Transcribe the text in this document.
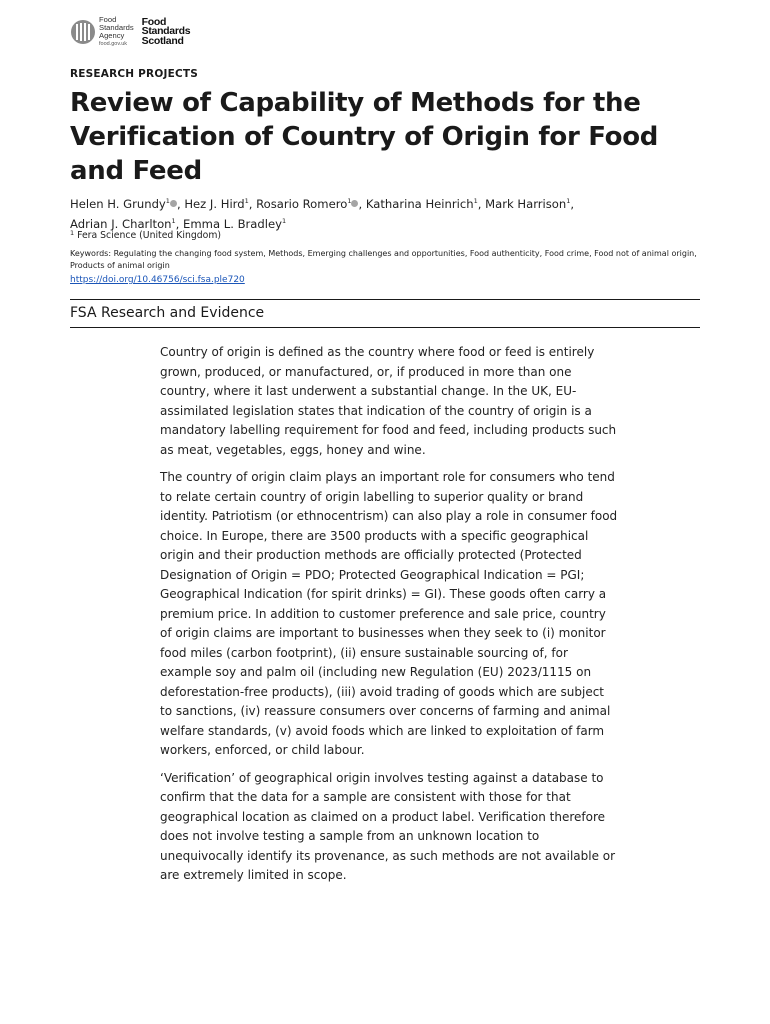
Food
Standards
Agency
food.gov.uk
Food
Standards
Scotland
RESEARCH PROJECTS
Review of Capability of Methods for the Verification of Country of Origin for Food and Feed
Helen H. Grundy$^1$ , Hez J. Hird$^1$, Rosario Romero$^1$ , Katharina Heinrich$^1$, Mark Harrison$^1$,
Adrian J. Charlton$^1$, Emma L. Bradley$^1$
$^1$ Fera Science (United Kingdom)
Keywords: Regulating the changing food system, Methods, Emerging challenges and opportunities, Food authenticity, Food crime, Food not of animal origin, Products of animal origin
https://doi.org/10.46756/sci.fsa.ple720
FSA Research and Evidence

Country of origin is defined as the country where food or feed is entirely grown, produced, or manufactured, or, if produced in more than one country, where it last underwent a substantial change. In the UK, EU-assimilated legislation states that indication of the country of origin is a mandatory labelling requirement for food and feed, including products such as meat, vegetables, eggs, honey and wine.

The country of origin claim plays an important role for consumers who tend to relate certain country of origin labelling to superior quality or brand identity. Patriotism (or ethnocentrism) can also play a role in consumer food choice. In Europe, there are 3500 products with a specific geographical origin and their production methods are officially protected (Protected Designation of Origin = PDO; Protected Geographical Indication = PGI; Geographical Indication (for spirit drinks) = GI). These goods often carry a premium price. In addition to customer preference and sale price, country of origin claims are important to businesses when they seek to (i) monitor food miles (carbon footprint), (ii) ensure sustainable sourcing of, for example soy and palm oil (including new Regulation (EU) 2023/1115 on deforestation-free products), (iii) avoid trading of goods which are subject to sanctions, (iv) reassure consumers over concerns of farming and animal welfare standards, (v) avoid foods which are linked to exploitation of farm workers, enforced, or child labour.

‘Verification’ of geographical origin involves testing against a database to confirm that the data for a sample are consistent with those for that geographical location as claimed on a product label. Verification therefore does not involve testing a sample from an unknown location to unequivocally identify its provenance, as such methods are not available or are extremely limited in scope.
